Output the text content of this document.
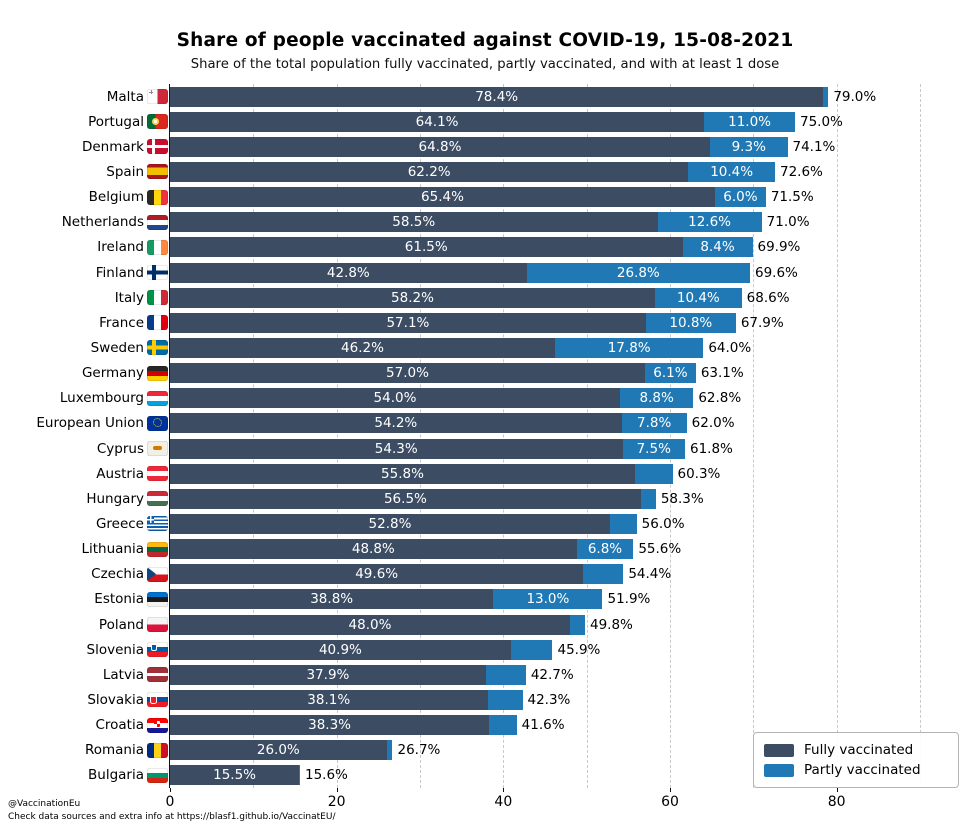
Share of people vaccinated against COVID-19, 15-08-2021
Share of the total population fully vaccinated, partly vaccinated, and with at least 1 dose
Malta	78.4%	79.0%
Portugal	64.1%	11.0%	75.0%
Denmark	64.8%	9.3%	74.1%
Spain	62.2%	10.4%	72.6%
Belgium	65.4%	6.0% 71.5%
Netherlands	58.5%	12.6%	71.0%
Ireland	61.5%	8.4%	69.9%
Finland	42.8%	26.8%	69.6%
Italy	58.2%	10.4%	68.6%
France	57.1%	10.8%	67.9%
Sweden	46.2%	17.8%	64.0%
Germany	57.0%	6.1% 63.1%
Luxembourg	54.0%	8.8%	62.8%
European Union	54.2%	7.8%	62.0%
Cyprus	54.3%	7.5%	61.8%
Austria	55.8%	60.3%
Hungary	56.5%	58.3%
Greece	52.8%	56.0%
Lithuania	48.8%	6.8%	55.6%
Czechia	49.6%	54.4%
Estonia	38.8%	13.0%	51.9%
Poland	48.0%	49.8%
Slovenia	40.9%	45.9%
Latvia	37.9%	42.7%
Slovakia	38.1%	42.3%
Croatia	38.3%	41.6%
Romania	26.0%	26.7%
Bulgaria	15.5%	15.6%
0	20	40	60	80
Fully vaccinated
Partly vaccinated
@VaccinationEu
Check data sources and extra info at https://blasf1.github.io/VaccinatEU/
